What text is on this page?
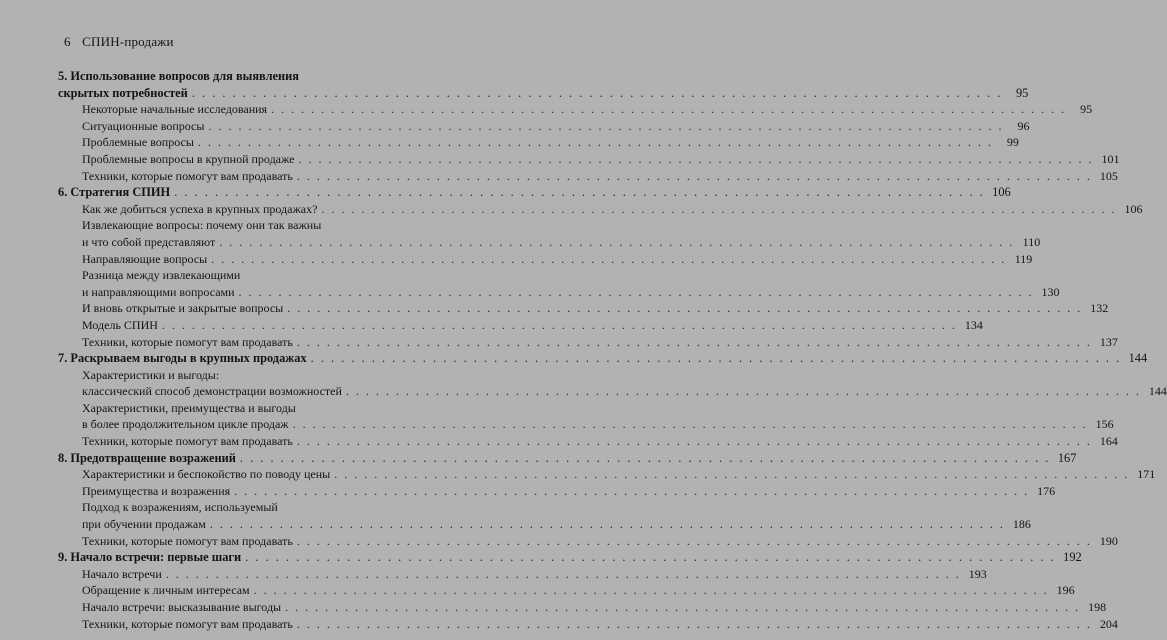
6 СПИН-продажи
5. Использование вопросов для выявления
скрытых потребностей . . . . . . . . . . . . . . . . . . . . . . . . . . . . . . . . . . . . . . . . . . . . . . . . . . . . . . . . . . . . . . . . . . . . . . . . . . . . . . . .	95
Некоторые начальные исследования . . . . . . . . . . . . . . . . . . . . . . . . . . . . . . . . . . . . . . . . . . . . . . . . . . . . . . . . . . . . . . . . . . . . . . . . . . . . . . . .	95
Ситуационные вопросы . . . . . . . . . . . . . . . . . . . . . . . . . . . . . . . . . . . . . . . . . . . . . . . . . . . . . . . . . . . . . . . . . . . . . . . . . . . . . . . .	96
Проблемные вопросы . . . . . . . . . . . . . . . . . . . . . . . . . . . . . . . . . . . . . . . . . . . . . . . . . . . . . . . . . . . . . . . . . . . . . . . . . . . . . . . .	99
Проблемные вопросы в крупной продаже . . . . . . . . . . . . . . . . . . . . . . . . . . . . . . . . . . . . . . . . . . . . . . . . . . . . . . . . . . . . . . . . . . . . . . . . . . . . . . . . 101
Техники, которые помогут вам продавать . . . . . . . . . . . . . . . . . . . . . . . . . . . . . . . . . . . . . . . . . . . . . . . . . . . . . . . . . . . . . . . . . . . . . . . . . . . . . . . . 105
6. Стратегия СПИН . . . . . . . . . . . . . . . . . . . . . . . . . . . . . . . . . . . . . . . . . . . . . . . . . . . . . . . . . . . . . . . . . . . . . . . . . . . . . . . . 106
Как же добиться успеха в крупных продажах? . . . . . . . . . . . . . . . . . . . . . . . . . . . . . . . . . . . . . . . . . . . . . . . . . . . . . . . . . . . . . . . . . . . . . . . . . . . . . . . . 106
Извлекающие вопросы: почему они так важны
и что собой представляют . . . . . . . . . . . . . . . . . . . . . . . . . . . . . . . . . . . . . . . . . . . . . . . . . . . . . . . . . . . . . . . . . . . . . . . . . . . . . . . . 110
Направляющие вопросы . . . . . . . . . . . . . . . . . . . . . . . . . . . . . . . . . . . . . . . . . . . . . . . . . . . . . . . . . . . . . . . . . . . . . . . . . . . . . . . . 119
Разница между извлекающими
и направляющими вопросами . . . . . . . . . . . . . . . . . . . . . . . . . . . . . . . . . . . . . . . . . . . . . . . . . . . . . . . . . . . . . . . . . . . . . . . . . . . . . . . . 130
И вновь открытые и закрытые вопросы . . . . . . . . . . . . . . . . . . . . . . . . . . . . . . . . . . . . . . . . . . . . . . . . . . . . . . . . . . . . . . . . . . . . . . . . . . . . . . . . 132
Модель СПИН . . . . . . . . . . . . . . . . . . . . . . . . . . . . . . . . . . . . . . . . . . . . . . . . . . . . . . . . . . . . . . . . . . . . . . . . . . . . . . . . 134
Техники, которые помогут вам продавать . . . . . . . . . . . . . . . . . . . . . . . . . . . . . . . . . . . . . . . . . . . . . . . . . . . . . . . . . . . . . . . . . . . . . . . . . . . . . . . . 137
7. Раскрываем выгоды в крупных продажах . . . . . . . . . . . . . . . . . . . . . . . . . . . . . . . . . . . . . . . . . . . . . . . . . . . . . . . . . . . . . . . . . . . . . . . . . . . . . . . . 144
Характеристики и выгоды:
классический способ демонстрации возможностей . . . . . . . . . . . . . . . . . . . . . . . . . . . . . . . . . . . . . . . . . . . . . . . . . . . . . . . . . . . . . . . . . . . . . . . . . . . . . . . . 144
Характеристики, преимущества и выгоды
в более продолжительном цикле продаж . . . . . . . . . . . . . . . . . . . . . . . . . . . . . . . . . . . . . . . . . . . . . . . . . . . . . . . . . . . . . . . . . . . . . . . . . . . . . . . . 156
Техники, которые помогут вам продавать . . . . . . . . . . . . . . . . . . . . . . . . . . . . . . . . . . . . . . . . . . . . . . . . . . . . . . . . . . . . . . . . . . . . . . . . . . . . . . . . 164
8. Предотвращение возражений . . . . . . . . . . . . . . . . . . . . . . . . . . . . . . . . . . . . . . . . . . . . . . . . . . . . . . . . . . . . . . . . . . . . . . . . . . . . . . . . 167
Характеристики и беспокойство по поводу цены . . . . . . . . . . . . . . . . . . . . . . . . . . . . . . . . . . . . . . . . . . . . . . . . . . . . . . . . . . . . . . . . . . . . . . . . . . . . . . . . 171
Преимущества и возражения . . . . . . . . . . . . . . . . . . . . . . . . . . . . . . . . . . . . . . . . . . . . . . . . . . . . . . . . . . . . . . . . . . . . . . . . . . . . . . . . 176
Подход к возражениям, используемый
при обучении продажам . . . . . . . . . . . . . . . . . . . . . . . . . . . . . . . . . . . . . . . . . . . . . . . . . . . . . . . . . . . . . . . . . . . . . . . . . . . . . . . . 186
Техники, которые помогут вам продавать . . . . . . . . . . . . . . . . . . . . . . . . . . . . . . . . . . . . . . . . . . . . . . . . . . . . . . . . . . . . . . . . . . . . . . . . . . . . . . . . 190
9. Начало встречи: первые шаги . . . . . . . . . . . . . . . . . . . . . . . . . . . . . . . . . . . . . . . . . . . . . . . . . . . . . . . . . . . . . . . . . . . . . . . . . . . . . . . . 192
Начало встречи . . . . . . . . . . . . . . . . . . . . . . . . . . . . . . . . . . . . . . . . . . . . . . . . . . . . . . . . . . . . . . . . . . . . . . . . . . . . . . . . 193
Обращение к личным интересам . . . . . . . . . . . . . . . . . . . . . . . . . . . . . . . . . . . . . . . . . . . . . . . . . . . . . . . . . . . . . . . . . . . . . . . . . . . . . . . . 196
Начало встречи: высказывание выгоды . . . . . . . . . . . . . . . . . . . . . . . . . . . . . . . . . . . . . . . . . . . . . . . . . . . . . . . . . . . . . . . . . . . . . . . . . . . . . . . . 198
Техники, которые помогут вам продавать . . . . . . . . . . . . . . . . . . . . . . . . . . . . . . . . . . . . . . . . . . . . . . . . . . . . . . . . . . . . . . . . . . . . . . . . . . . . . . . . 204
